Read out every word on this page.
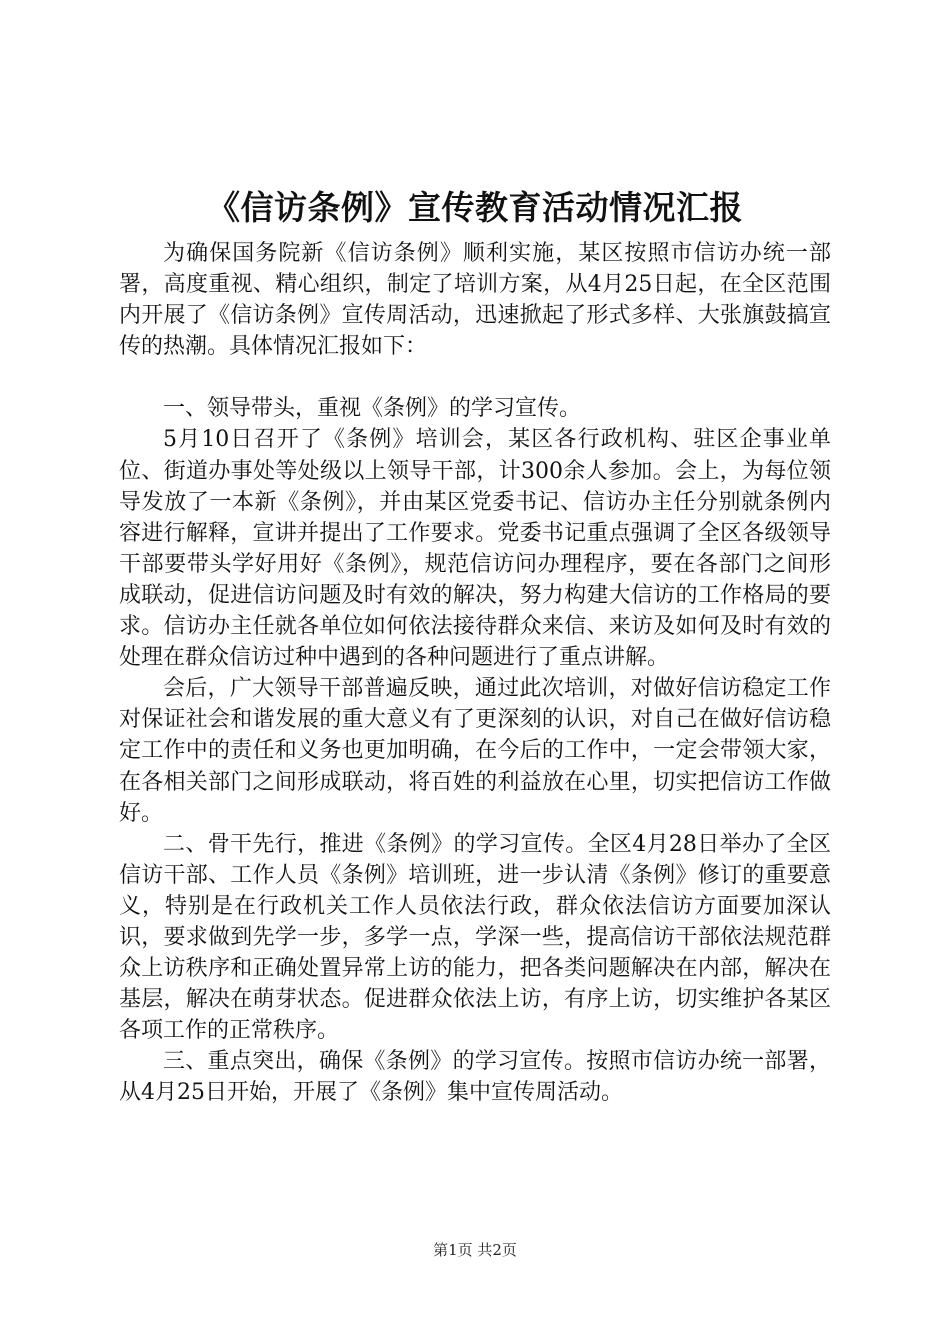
《信访条例》宣传教育活动情况汇报

为确保国务院新《信访条例》顺利实施，某区按照市信访办统一部署，高度重视、精心组织，制定了培训方案，从4月25日起，在全区范围内开展了《信访条例》宣传周活动，迅速掀起了形式多样、大张旗鼓搞宣传的热潮。具体情况汇报如下：

一、领导带头，重视《条例》的学习宣传。

5月10日召开了《条例》培训会，某区各行政机构、驻区企事业单位、街道办事处等处级以上领导干部，计300余人参加。会上，为每位领导发放了一本新《条例》，并由某区党委书记、信访办主任分别就条例内容进行解释，宣讲并提出了工作要求。党委书记重点强调了全区各级领导干部要带头学好用好《条例》，规范信访问办理程序，要在各部门之间形成联动，促进信访问题及时有效的解决，努力构建大信访的工作格局的要求。信访办主任就各单位如何依法接待群众来信、来访及如何及时有效的处理在群众信访过种中遇到的各种问题进行了重点讲解。

会后，广大领导干部普遍反映，通过此次培训，对做好信访稳定工作对保证社会和谐发展的重大意义有了更深刻的认识，对自己在做好信访稳定工作中的责任和义务也更加明确，在今后的工作中，一定会带领大家，在各相关部门之间形成联动，将百姓的利益放在心里，切实把信访工作做好。

二、骨干先行，推进《条例》的学习宣传。全区4月28日举办了全区信访干部、工作人员《条例》培训班，进一步认清《条例》修订的重要意义，特别是在行政机关工作人员依法行政，群众依法信访方面要加深认识，要求做到先学一步，多学一点，学深一些，提高信访干部依法规范群众上访秩序和正确处置异常上访的能力，把各类问题解决在内部，解决在基层，解决在萌芽状态。促进群众依法上访，有序上访，切实维护各某区各项工作的正常秩序。

三、重点突出，确保《条例》的学习宣传。按照市信访办统一部署，从4月25日开始，开展了《条例》集中宣传周活动。

第1页 共2页
